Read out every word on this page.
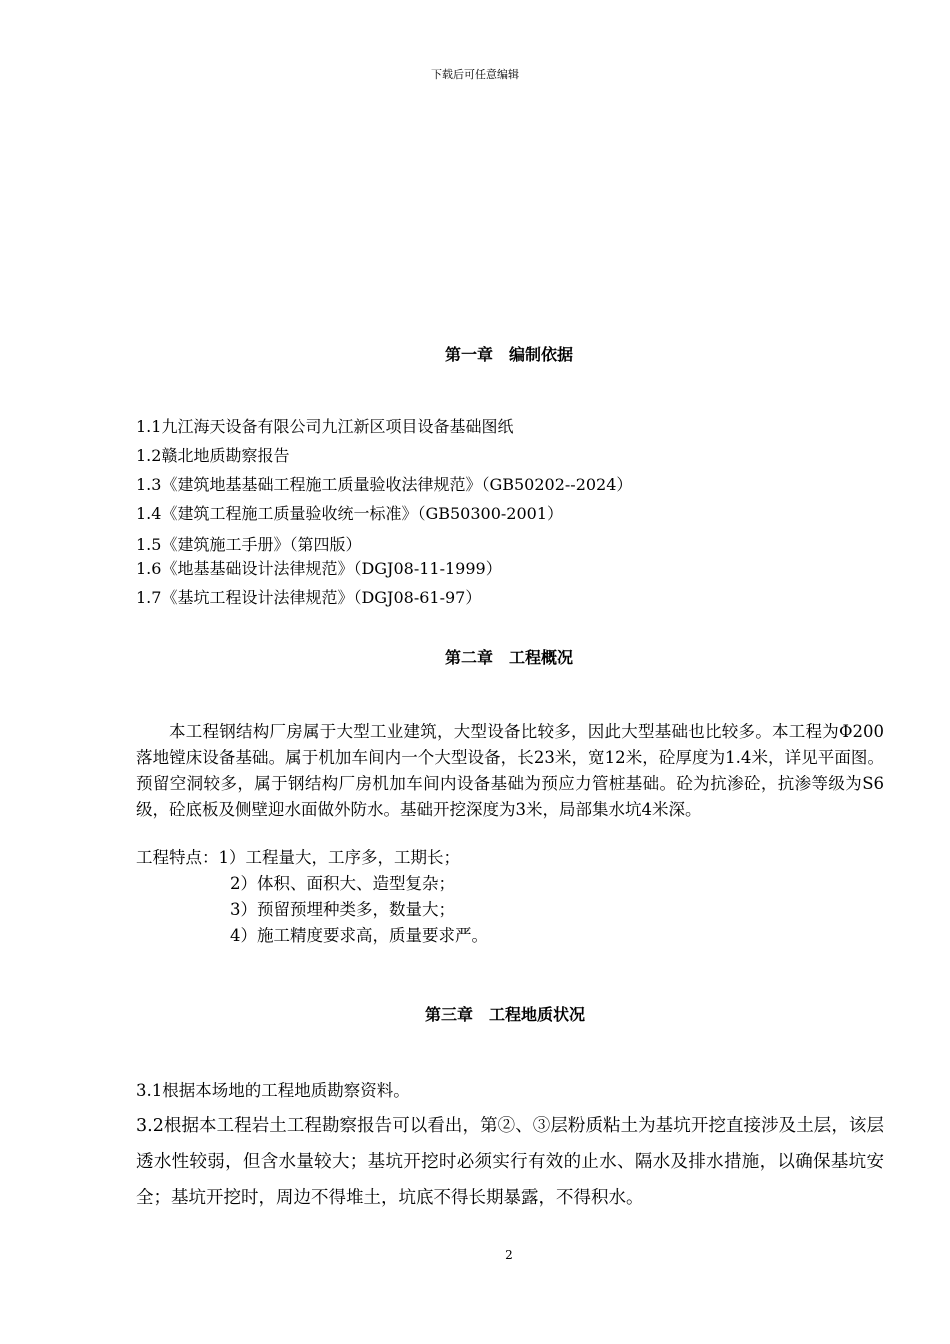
下载后可任意编辑
第一章　编制依据
1.1九江海天设备有限公司九江新区项目设备基础图纸
1.2赣北地质勘察报告
1.3《建筑地基基础工程施工质量验收法律规范》（GB50202--2024）
1.4《建筑工程施工质量验收统一标准》（GB50300-2001）
1.5《建筑施工手册》（第四版）
1.6《地基基础设计法律规范》（DGJ08-11-1999）
1.7《基坑工程设计法律规范》（DGJ08-61-97）
第二章　工程概况
本工程钢结构厂房属于大型工业建筑，大型设备比较多，因此大型基础也比较多。本工程为Φ200落地镗床设备基础。属于机加车间内一个大型设备，长23米，宽12米，砼厚度为1.4米，详见平面图。预留空洞较多，属于钢结构厂房机加车间内设备基础为预应力管桩基础。砼为抗渗砼，抗渗等级为S6级，砼底板及侧壁迎水面做外防水。基础开挖深度为3米，局部集水坑4米深。
工程特点：1）工程量大，工序多，工期长；
2）体积、面积大、造型复杂；
3）预留预埋种类多，数量大；
4）施工精度要求高，质量要求严。
第三章　工程地质状况
3.1根据本场地的工程地质勘察资料。
3.2根据本工程岩土工程勘察报告可以看出，第②、③层粉质粘土为基坑开挖直接涉及土层，该层透水性较弱，但含水量较大；基坑开挖时必须实行有效的止水、隔水及排水措施，以确保基坑安全；基坑开挖时，周边不得堆土，坑底不得长期暴露，不得积水。
2
